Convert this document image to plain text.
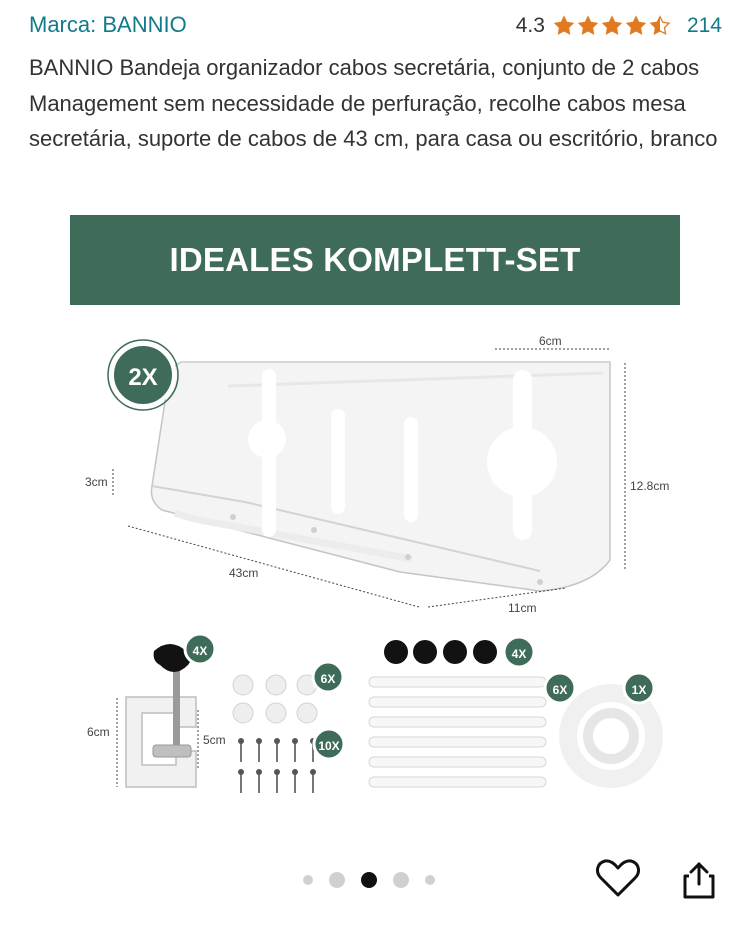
Marca: BANNIO	4.3	214
BANNIO Bandeja organizador cabos secretária, conjunto de 2 cabos Management sem necessidade de perfuração, recolhe cabos mesa secretária, suporte de cabos de 43 cm, para casa ou escritório, branco
IDEALES KOMPLETT-SET
6cm
3cm	12.8cm
43cm
11cm
2X
4X
6cm
5cm
6X
10X
4X
6X	1X
